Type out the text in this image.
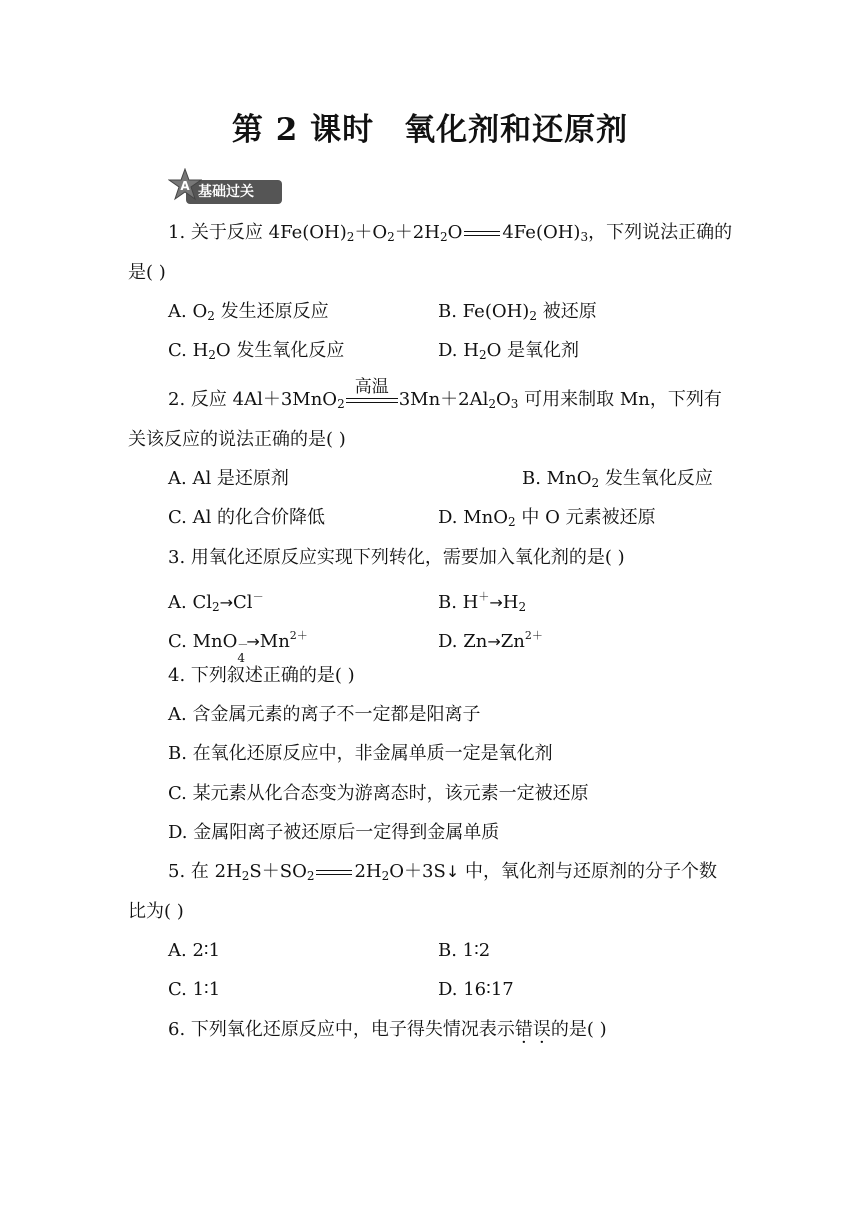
第 2 课时 氧化剂和还原剂
基础过关
A
1. 关于反应 $4Fe(OH)_2+O_2+2H_2O$ $4Fe(OH)_3$，下列说法正确的
是( )
A. $O_2$ 发生还原反应	B. $Fe(OH)_2$ 被还原
C. $H_2O$ 发生氧化反应	D. $H_2O$ 是氧化剂
2. 反应 4Al＋3MnO$_2$
高温
$3Mn+2Al_2O_3$ 可用来制取 Mn，下列有
关该反应的说法正确的是( )
A. Al 是还原剂	B. MnO$_2$ 发生氧化反应
C. Al 的化合价降低	D. MnO$_2$ 中 O 元素被还原
3. 用氧化还原反应实现下列转化，需要加入氧化剂的是( )
A. $Cl_2\to Cl^-$	B. $H^+\to H_2$
C. MnO －
4
$\to Mn^{2+}$	D. $Zn\to Zn^{2+}$
4. 下列叙述正确的是( )
A. 含金属元素的离子不一定都是阳离子
B. 在氧化还原反应中，非金属单质一定是氧化剂
C. 某元素从化合态变为游离态时，该元素一定被还原
D. 金属阳离子被还原后一定得到金属单质
5. 在 $2H_2S+SO_2$ $2H_2O+3S↓$ 中，氧化剂与还原剂的分子个数
比为( )
A. 2∶1	B. 1∶2
C. 1∶1	D. 16∶17
6. 下列氧化还原反应中，电子得失情况表示错误的是( )
